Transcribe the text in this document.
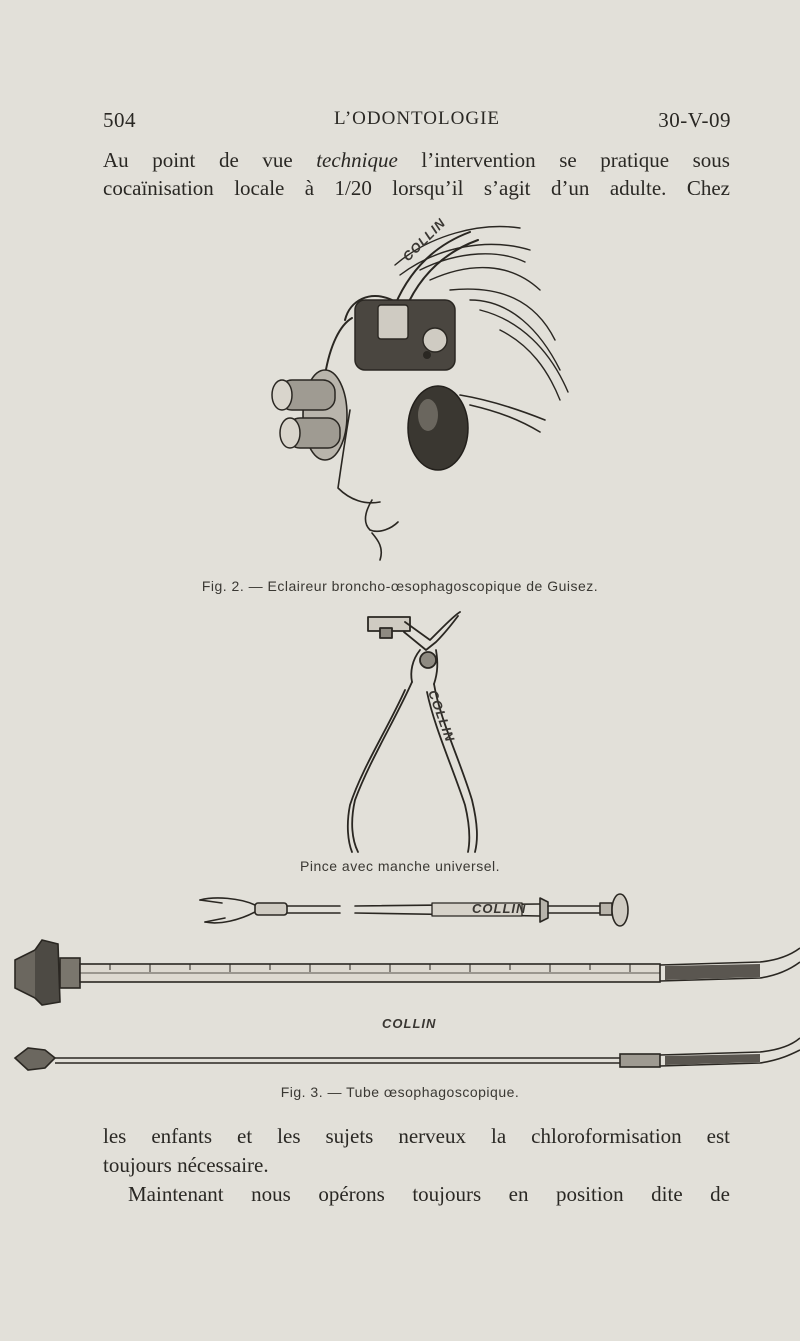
504	L’ODONTOLOGIE	30-V-09
Au point de vue technique l’intervention se pratique sous
cocaïnisation locale à 1/20 lorsqu’il s’agit d’un adulte. Chez
COLLIN
Fig. 2. — Eclaireur broncho-œsophagoscopique de Guisez.
COLLIN
Pince avec manche universel.
COLLIN
COLLIN
Fig. 3. — Tube œsophagoscopique.
les enfants et les sujets nerveux la chloroformisation est
toujours nécessaire.
Maintenant nous opérons toujours en position dite de
